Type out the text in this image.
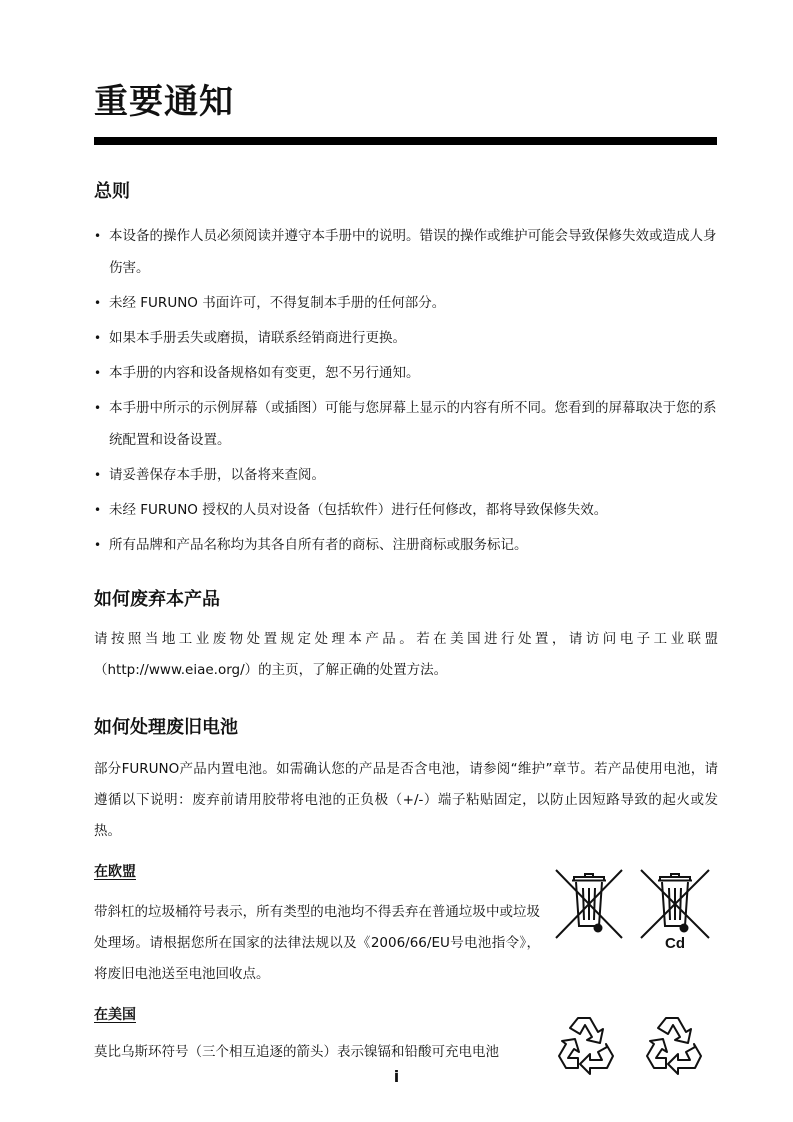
重要通知
总则
• 本设备的操作人员必须阅读并遵守本手册中的说明。错误的操作或维护可能会导致保修失效或造成人身伤害。
• 未经 FURUNO 书面许可，不得复制本手册的任何部分。
• 如果本手册丢失或磨损，请联系经销商进行更换。
• 本手册的内容和设备规格如有变更，恕不另行通知。
• 本手册中所示的示例屏幕（或插图）可能与您屏幕上显示的内容有所不同。您看到的屏幕取决于您的系统配置和设备设置。
• 请妥善保存本手册，以备将来查阅。
• 未经 FURUNO 授权的人员对设备（包括软件）进行任何修改，都将导致保修失效。
• 所有品牌和产品名称均为其各自所有者的商标、注册商标或服务标记。
如何废弃本产品

请按照当地工业废物处置规定处理本产品。若在美国进行处置，请访问电子工业联盟（http://www.eiae.org/）的主页，了解正确的处置方法。

如何处理废旧电池

部分FURUNO产品内置电池。如需确认您的产品是否含电池，请参阅“维护”章节。若产品使用电池，请遵循以下说明：废弃前请用胶带将电池的正负极（+/-）端子粘贴固定，以防止因短路导致的起火或发热。

在欧盟

带斜杠的垃圾桶符号表示，所有类型的电池均不得丢弃在普通垃圾中或垃圾处理场。请根据您所在国家的法律法规以及《2006/66/EU号电池指令》，将废旧电池送至电池回收点。

Cd
在美国

莫比乌斯环符号（三个相互追逐的箭头）表示镍镉和铅酸可充电电池

i
